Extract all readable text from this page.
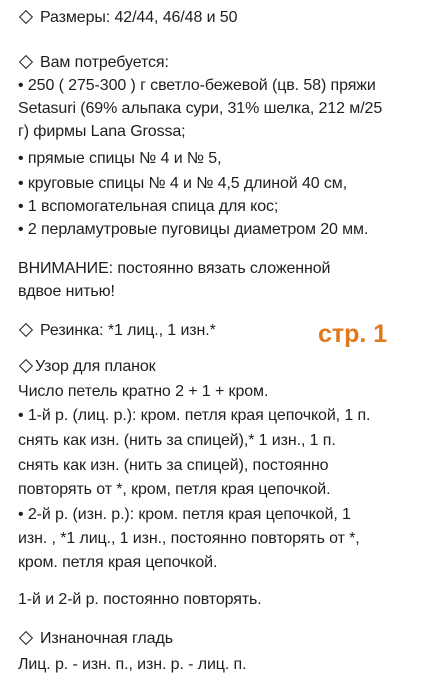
Размеры: 42/44, 46/48 и 50
Вам потребуется:
• 250 ( 275-300 ) г светло-бежевой (цв. 58) пряжи
Setasuri (69% альпака сури, 31% шелка, 212 м/25
г) фирмы Lana Grossa;
• прямые спицы № 4 и № 5,
• круговые спицы № 4 и № 4,5 длиной 40 см,
• 1 вспомогательная спица для кос;
• 2 перламутровые пуговицы диаметром 20 мм.
ВНИМАНИЕ: постоянно вязать сложенной
вдвое нитью!
Резинка: *1 лиц., 1 изн.*	стр. 1
Узор для планок
Число петель кратно 2 + 1 + кром.
• 1-й р. (лиц. р.): кром. петля края цепочкой, 1 п.
снять как изн. (нить за спицей),* 1 изн., 1 п.
снять как изн. (нить за спицей), постоянно
повторять от *, кром, петля края цепочкой.
• 2-й р. (изн. р.): кром. петля края цепочкой, 1
изн. , *1 лиц., 1 изн., постоянно повторять от *,
кром. петля края цепочкой.
1-й и 2-й р. постоянно повторять.
Изнаночная гладь
Лиц. р. - изн. п., изн. р. - лиц. п.
